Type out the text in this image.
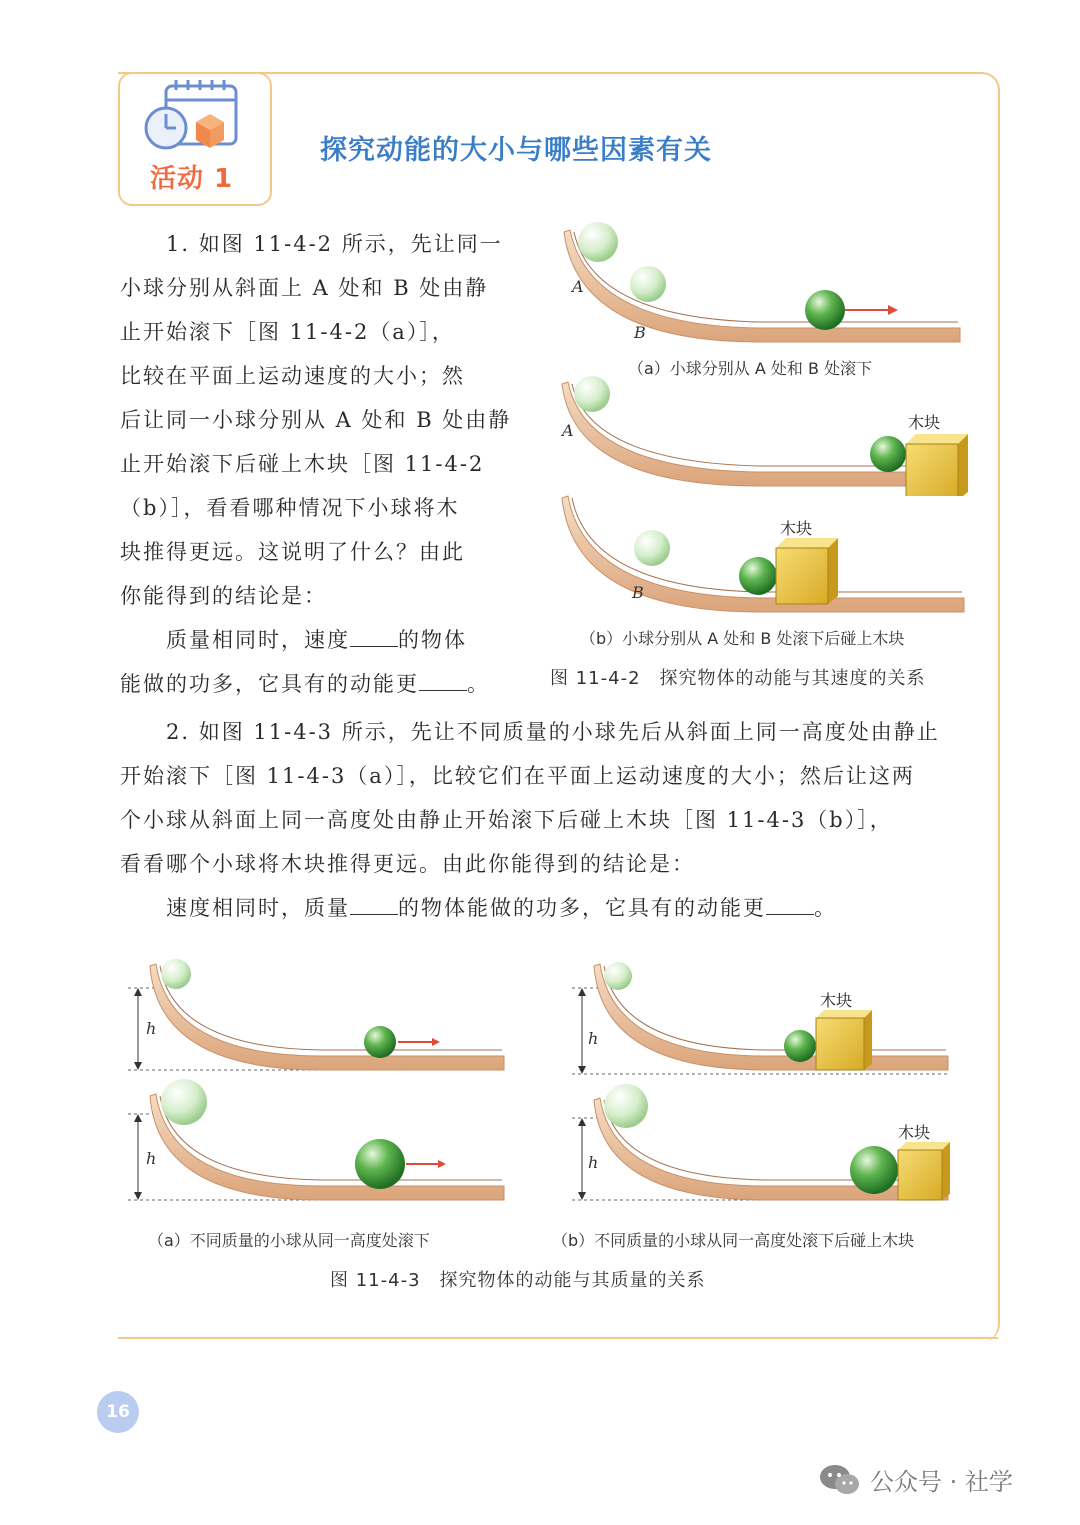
活动 1
探究动能的大小与哪些因素有关

1. 如图 11-4-2 所示，先让同一

小球分别从斜面上 A 处和 B 处由静

止开始滚下［图 11-4-2（a）］，

比较在平面上运动速度的大小；然

后让同一小球分别从 A 处和 B 处由静

止开始滚下后碰上木块［图 11-4-2

（b）］，看看哪种情况下小球将木

块推得更远。这说明了什么？由此

你能得到的结论是：

质量相同时，速度 的物体

能做的功多，它具有的动能更 。

A
B
（a）小球分别从 A 处和 B 处滚下
A	木块
B
木块
（b）小球分别从 A 处和 B 处滚下后碰上木块
图 11-4-2　探究物体的动能与其速度的关系

2. 如图 11-4-3 所示，先让不同质量的小球先后从斜面上同一高度处由静止

开始滚下［图 11-4-3（a）］，比较它们在平面上运动速度的大小；然后让这两

个小球从斜面上同一高度处由静止开始滚下后碰上木块［图 11-4-3（b）］，

看看哪个小球将木块推得更远。由此你能得到的结论是：

速度相同时，质量 的物体能做的功多，它具有的动能更 。

h
h
（a）不同质量的小球从同一高度处滚下
h
木块
h
木块
（b）不同质量的小球从同一高度处滚下后碰上木块
图 11-4-3　探究物体的动能与其质量的关系
16
公众号 · 社学
